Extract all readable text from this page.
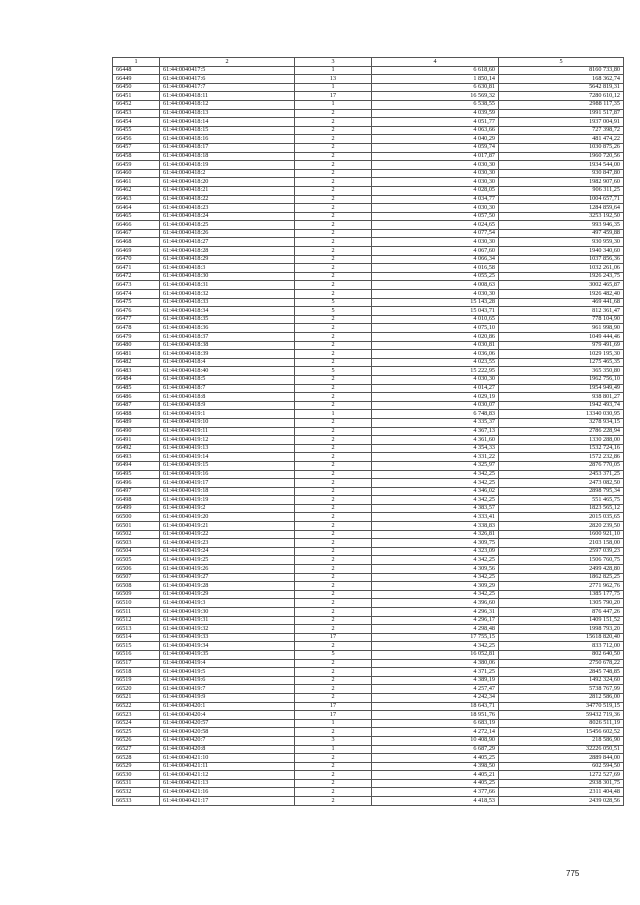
1	2	3	4	5
66448	61:44:0040417:5	1	6 618,60	8160 733,80
66449	61:44:0040417:6	13	1 850,14	168 362,74
66450	61:44:0040417:7	1	6 630,81	5642 819,31
66451	61:44:0040418:11	17	16 569,32	7280 610,12
66452	61:44:0040418:12	1	6 538,55	2988 117,35
66453	61:44:0040418:13	2	4 039,59	1991 517,87
66454	61:44:0040418:14	2	4 051,77	1937 004,91
66455	61:44:0040418:15	2	4 063,66	727 398,72
66456	61:44:0040418:16	2	4 040,29	481 474,22
66457	61:44:0040418:17	2	4 059,74	1030 875,26
66458	61:44:0040418:18	2	4 017,87	1960 720,56
66459	61:44:0040418:19	2	4 030,30	1934 544,00
66460	61:44:0040418:2	2	4 030,30	930 847,80
66461	61:44:0040418:20	2	4 030,30	1982 907,60
66462	61:44:0040418:21	2	4 028,05	906 311,25
66463	61:44:0040418:22	2	4 034,77	1004 657,71
66464	61:44:0040418:23	2	4 030,30	1284 859,64
66465	61:44:0040418:24	2	4 057,50	3253 192,50
66466	61:44:0040418:25	2	4 024,65	993 946,35
66467	61:44:0040418:26	2	4 077,54	497 459,88
66468	61:44:0040418:27	2	4 030,30	930 959,30
66469	61:44:0040418:28	2	4 067,60	1940 340,60
66470	61:44:0040418:29	2	4 066,34	1037 856,36
66471	61:44:0040418:3	2	4 016,58	1032 261,06
66472	61:44:0040418:30	2	4 055,25	1926 243,75
66473	61:44:0040418:31	2	4 008,63	3002 465,87
66474	61:44:0040418:32	2	4 030,30	1926 482,40
66475	61:44:0040418:33	5	15 143,28	469 441,68
66476	61:44:0040418:34	5	15 043,71	812 361,47
66477	61:44:0040418:35	2	4 010,65	778 104,90
66478	61:44:0040418:36	2	4 075,10	961 998,90
66479	61:44:0040418:37	2	4 020,86	1049 444,46
66480	61:44:0040418:38	2	4 030,81	979 491,69
66481	61:44:0040418:39	2	4 036,06	1029 195,30
66482	61:44:0040418:4	2	4 023,55	1275 465,35
66483	61:44:0040418:40	5	15 222,95	365 350,80
66484	61:44:0040418:5	2	4 030,30	1962 756,10
66485	61:44:0040418:7	2	4 014,27	1954 949,49
66486	61:44:0040418:8	2	4 029,19	938 801,27
66487	61:44:0040418:9	2	4 030,07	1942 493,74
66488	61:44:0040419:1	1	6 748,83	13340 030,95
66489	61:44:0040419:10	2	4 335,37	3278 934,15
66490	61:44:0040419:11	2	4 367,13	2786 228,94
66491	61:44:0040419:12	2	4 361,60	1330 288,00
66492	61:44:0040419:13	2	4 354,33	1532 724,16
66493	61:44:0040419:14	2	4 331,22	1572 232,86
66494	61:44:0040419:15	2	4 325,97	2876 770,05
66495	61:44:0040419:16	2	4 342,25	2453 371,25
66496	61:44:0040419:17	2	4 342,25	2473 082,50
66497	61:44:0040419:18	2	4 346,02	2898 795,34
66498	61:44:0040419:19	2	4 342,25	551 465,75
66499	61:44:0040419:2	2	4 383,57	1823 565,12
66500	61:44:0040419:20	2	4 333,41	2015 035,65
66501	61:44:0040419:21	2	4 338,83	2820 239,50
66502	61:44:0040419:22	2	4 326,81	1600 921,10
66503	61:44:0040419:23	2	4 309,75	2103 158,00
66504	61:44:0040419:24	2	4 323,09	2597 039,23
66505	61:44:0040419:25	2	4 342,25	1506 760,75
66506	61:44:0040419:26	2	4 309,56	2499 428,80
66507	61:44:0040419:27	2	4 342,25	1862 825,25
66508	61:44:0040419:28	2	4 309,29	2771 962,76
66509	61:44:0040419:29	2	4 342,25	1385 177,75
66510	61:44:0040419:3	2	4 396,60	1305 790,20
66511	61:44:0040419:30	2	4 296,31	876 447,26
66512	61:44:0040419:31	2	4 296,17	1409 151,52
66513	61:44:0040419:32	2	4 298,48	1998 793,20
66514	61:44:0040419:33	17	17 755,15	15618 820,40
66515	61:44:0040419:34	2	4 342,25	833 712,00
66516	61:44:0040419:35	5	16 052,81	802 640,50
66517	61:44:0040419:4	2	4 380,06	2750 678,22
66518	61:44:0040419:5	2	4 371,25	2845 748,85
66519	61:44:0040419:6	2	4 389,19	1492 324,60
66520	61:44:0040419:7	2	4 257,47	5738 767,99
66521	61:44:0040419:9	2	4 242,34	2812 586,00
66522	61:44:0040420:1	17	18 643,71	34770 519,15
66523	61:44:0040420:4	17	18 951,76	59432 719,36
66524	61:44:0040420:57	1	6 683,19	8026 511,19
66525	61:44:0040420:58	2	4 272,14	15456 602,52
66526	61:44:0040420:7	3	10 408,90	218 586,90
66527	61:44:0040420:8	1	6 687,29	32226 050,51
66528	61:44:0040421:10	2	4 405,25	2889 844,00
66529	61:44:0040421:11	2	4 398,50	602 594,50
66530	61:44:0040421:12	2	4 405,21	1272 527,69
66531	61:44:0040421:13	2	4 405,25	2938 301,75
66532	61:44:0040421:16	2	4 377,66	2311 404,48
66533	61:44:0040421:17	2	4 418,53	2439 028,56
775
